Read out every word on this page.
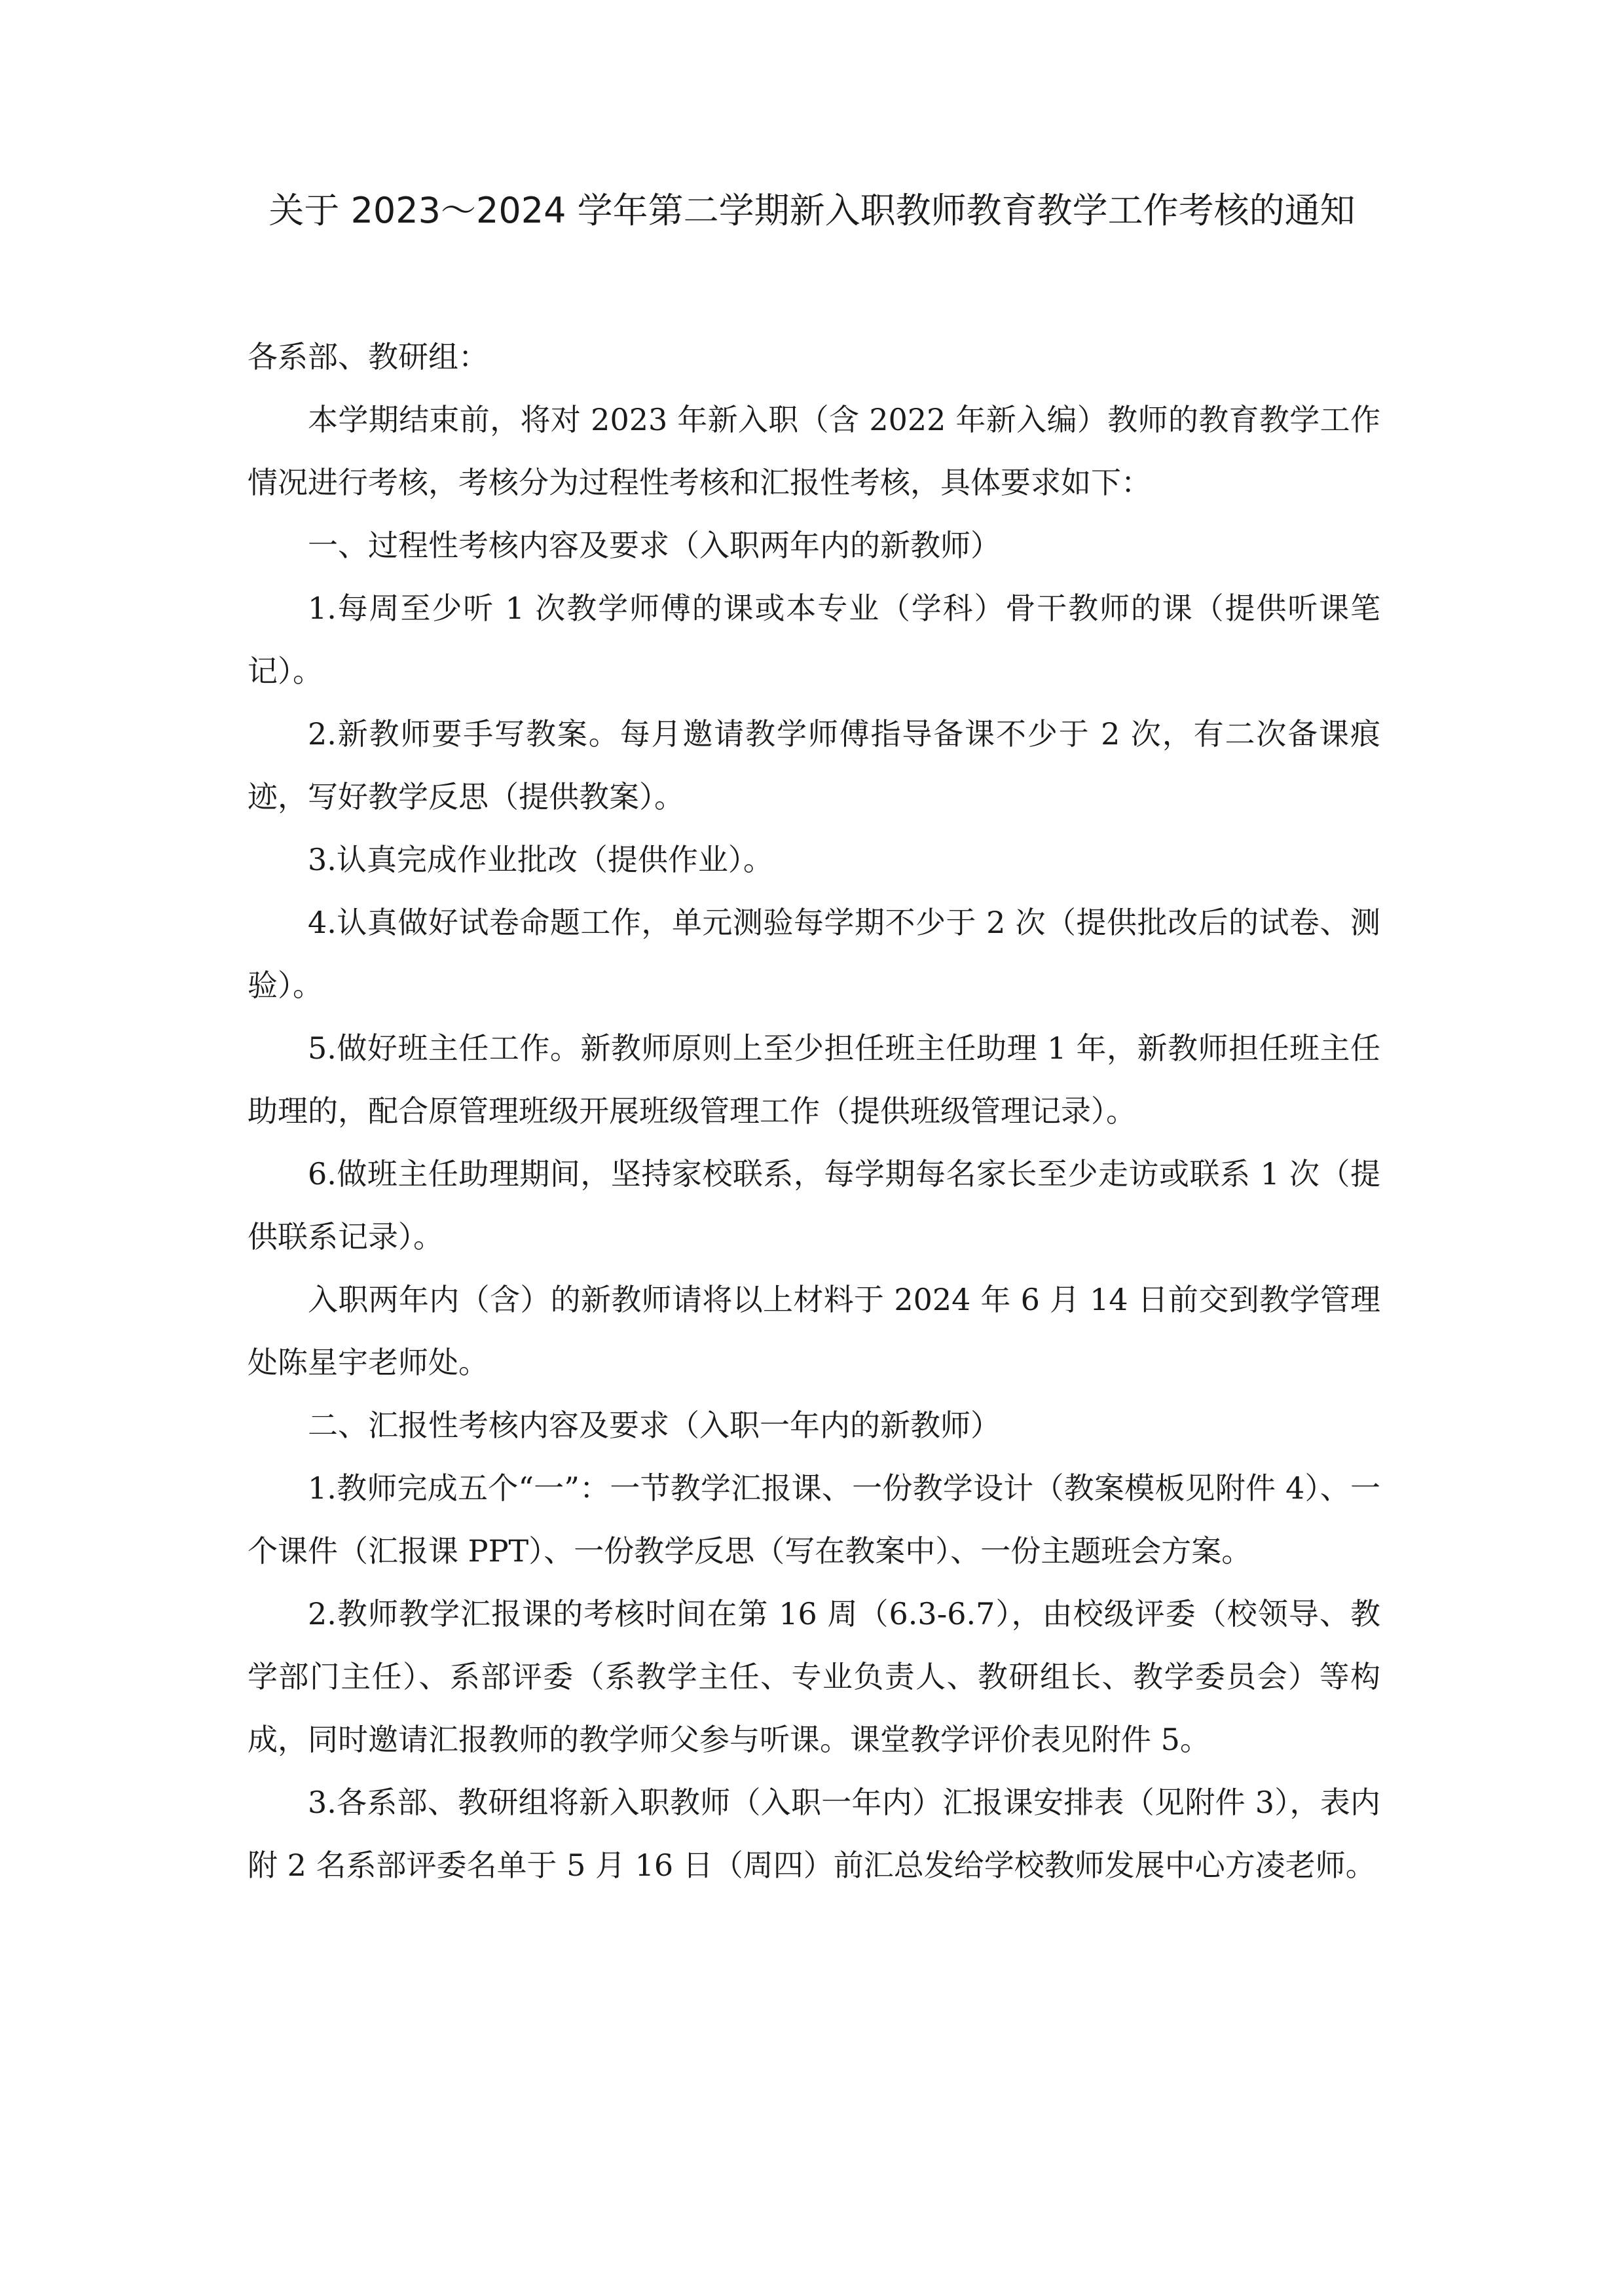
关于 2023～2024 学年第二学期新入职教师教育教学工作考核的通知

各系部、教研组：

本学期结束前，将对 2023 年新入职（含 2022 年新入编）教师的教育教学工作情况进行考核，考核分为过程性考核和汇报性考核，具体要求如下：

一、过程性考核内容及要求（入职两年内的新教师）

1.每周至少听 1 次教学师傅的课或本专业（学科）骨干教师的课（提供听课笔记）。

2.新教师要手写教案。每月邀请教学师傅指导备课不少于 2 次，有二次备课痕迹，写好教学反思（提供教案）。

3.认真完成作业批改（提供作业）。

4.认真做好试卷命题工作，单元测验每学期不少于 2 次（提供批改后的试卷、测验）。

5.做好班主任工作。新教师原则上至少担任班主任助理 1 年，新教师担任班主任助理的，配合原管理班级开展班级管理工作（提供班级管理记录）。

6.做班主任助理期间，坚持家校联系，每学期每名家长至少走访或联系 1 次（提供联系记录）。

入职两年内（含）的新教师请将以上材料于 2024 年 6 月 14 日前交到教学管理处陈星宇老师处。

二、汇报性考核内容及要求（入职一年内的新教师）

1.教师完成五个“一”：一节教学汇报课、一份教学设计（教案模板见附件 4）、一个课件（汇报课 PPT）、一份教学反思（写在教案中）、一份主题班会方案。

2.教师教学汇报课的考核时间在第 16 周（6.3-6.7），由校级评委（校领导、教学部门主任）、系部评委（系教学主任、专业负责人、教研组长、教学委员会）等构成，同时邀请汇报教师的教学师父参与听课。课堂教学评价表见附件 5。

3.各系部、教研组将新入职教师（入职一年内）汇报课安排表（见附件 3），表内附 2 名系部评委名单于 5 月 16 日（周四）前汇总发给学校教师发展中心方凌老师。
